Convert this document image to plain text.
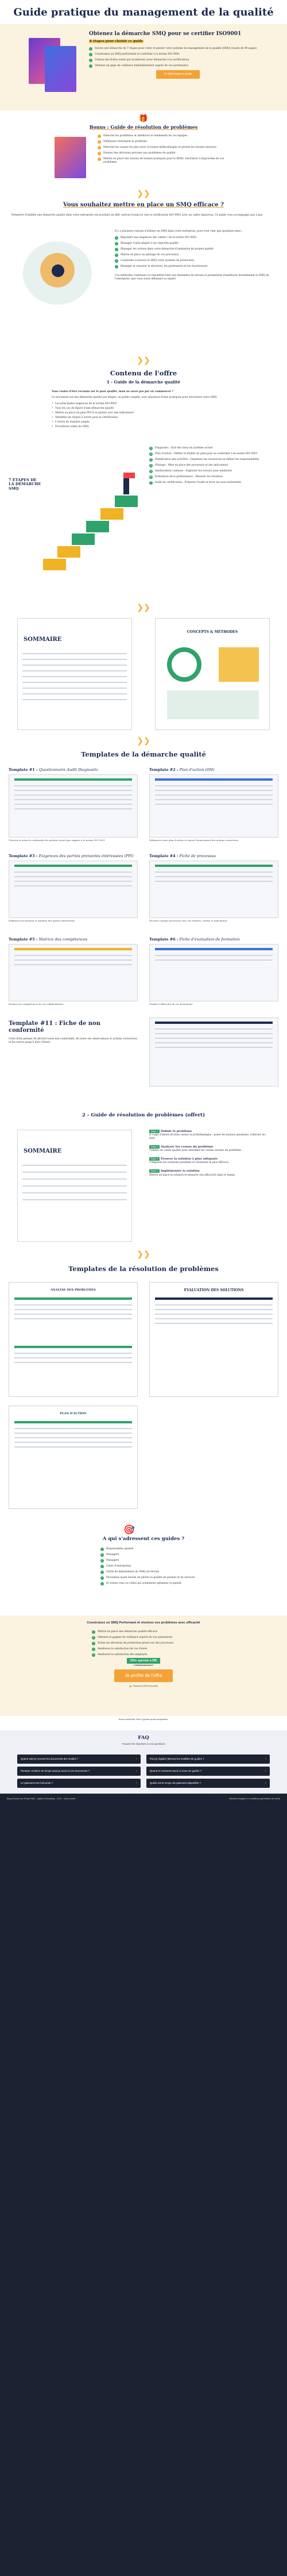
Guide pratique du management de la qualité
Obtenez la démarche SMQ pour se certifier ISO9001
8 étapes pour choisir ce guide
✓	Suivez une démarche de 7 étapes pour créer et piloter votre système de management de la qualité (SMQ) (Guide de 90 pages)
✓	Construisez un SMQ performant et conforme à la norme ISO 9001
✓	Utilisez des fiches outils qui m'aideront (avec démarche à la certification)
✓	Obtenez un gage de confiance immédiatement auprès de vos partenaires
Je télécharge le guide
🎁
Bonus : Guide de résolution de problèmes
✓	Détectez les problèmes et améliorez le rendement de vos équipes
✓	Définissez clairement le problème
✓	Détectez les causes les plus (avec la bonne méthodologie) et prenez les bonnes mesures
✓	Donnez des décisions précises aux problèmes de qualité
✓	Mettez en place des actions de bonnes pratiques pour le BIND, résolution à long terme de vos problèmes
❯❯
Vous souhaitez mettre en place un SMQ efficace ?
Démarrer d'emblée une démarche qualité dans votre entreprise est pourtant un défi, surtout lorsqu'on vise la certification ISO 9001 avec un cadre rigoureux. Ce guide vous accompagne pas à pas.
Il y a plusieurs raisons d'utiliser un SMQ dans votre entreprise, pour n'en citer que quelques-unes :
✓	Répondre aux exigences des clients / de la norme ISO 9001
✓	Manager l'outil adapté à vos objectifs qualité
✓	Manager les actions dans votre démarche d'animation de projets qualité
✓	Mettre en place un pilotage de vos processus
✓	Construire à travers le SMQ votre système de production
✓	Manager et rassurer la direction, les partenaires et les fournisseurs
Ces méthodes contenues ici répondent bien aux demandes du terrain et permettent d'améliorer durablement le SMQ de l'entreprise, que vous soyez débutant ou expert.
❯❯
Contenu de l'offre
1 - Guide de la démarche qualité
Vous voulez d'être reconnu sur le pour qualité, mais ne savez pas par où commencer ?
Ce document est une démarche qualité par étapes, un guide complet, avec plusieurs fiches pratiques pour structurer votre SMQ.
• Les principales exigences de la norme ISO 9001
• Tous les cas de figure d'une démarche qualité
• Mettre en place un plan PDCA et piloter avec des indicateurs
• Identifier les étapes à suivre pour la certification
• L'écrire de manière simple
• Procédures utiles du SMQ
7 ÉTAPES DE LA DÉMARCHE SMQ
1	Diagnostic : Etat des lieux du système actuel
2	Plan d'action : Définir et établir un plan pour se conformer à la norme ISO 9001
3	Planification des activités : Organiser les ressources et définir les responsabilités
4	Pilotage : Mise en place des processus et des indicateurs
5	Amélioration continue : Exploiter les retours pour améliorer
6	Evaluation de la performance : Mesurer les résultats
7	Audit de certification : Préparer l'audit et lever les non-conformités
❯❯
SOMMAIRE
CONCEPTS & MÉTHODES
❯❯
Templates de la démarche qualité
Template #1 : Questionnaire Audit Diagnostic
Trouvez et notez la conformité du système actuel par rapport à la norme ISO 9001
Template #2 : Plan d'action (6M)
Définissez votre plan d'action et suivez l'avancement des actions correctives
Template #3 : Exigences des parties prenantes intéressées (PPI)
Définissez les besoins et attentes des parties intéressées
Template #4 : Fiche de processus
Décrivez chaque processus avec ses entrées, sorties et indicateurs
Template #5 : Matrice des compétences
Evaluez les compétences de vos collaborateurs
Template #6 : Fiche d'évaluation de formation
Evaluez l'efficacité de vos formations
Template #11 : Fiche de non conformité
Cette fiche permet de décrire toute non-conformité, de noter ses observations et actions correctives, et les suivre jusqu'à leur clôture.
2 - Guide de résolution de problèmes (offert)
SOMMAIRE
Etape 1 Définir le problème
Il s'agit d'abord de bien cerner la problématique : poser les bonnes questions, collecter les faits.
Etape 2 Analyser les causes du problème
Utilisez les outils qualité pour identifier les causes racines du problème.
Etape 3 Trouver la solution à plus adéquate
Comparez les solutions possibles et choisissez la plus efficace.
Etape 4 Implémenter la solution
Mettre en place la solution et mesurer son efficacité dans le temps.
❯❯
Templates de la résolution de problèmes
ANALYSE DES PROBLÈMES	ÉVALUATION DES SOLUTIONS
PLAN D'ACTION
🎯
A qui s'adressent ces guides ?
✓	Responsables qualité
✓	Managers
✓	Managers
✓	Chefs d'entreprises
✓	Outils de déploiement du SMQ de terrain
✓	Personnes ayant besoin de piloter la qualité de produit et de services
✓	Et toutes ceux ou celles qui souhaitent optimiser la qualité
Construisez un SMQ Performant et résolvez vos problèmes avec efficacité
✓	Mettre en place une démarche qualité efficace
✓	Obtenez et gagnez de confiance auprès de vos partenaires
✓	Evitez les décisions de production prises sur des processus
✓	Améliorez la satisfaction de vos clients
✓	Améliorez la satisfaction des employés
Offre spéciale à 59€
~~89€ au lieu de~~
Je profite de l'offre
🔒 Paiement 100% sécurisé
Accès immédiat. Mes 3 guides après acquisition.
FAQ
Trouvez les réponses à vos questions
Quand vais-je recevoir les documents des Guides ?	+	Puis-je régulier (Bonus) les modèles de guides ?	+
Pendant combien de temps aurai-je accès à ces documents ?	+	Quand et comment savoir si vous me garder ?	+
Le paiement est-il sécurisé ?	+	Quelle est le moyen de paiement disponible ?	+
Blog Gestion de Projet SAS - Qabel Consulting - CGV - Nous écrire	Mentions légales et conditions générales de vente
